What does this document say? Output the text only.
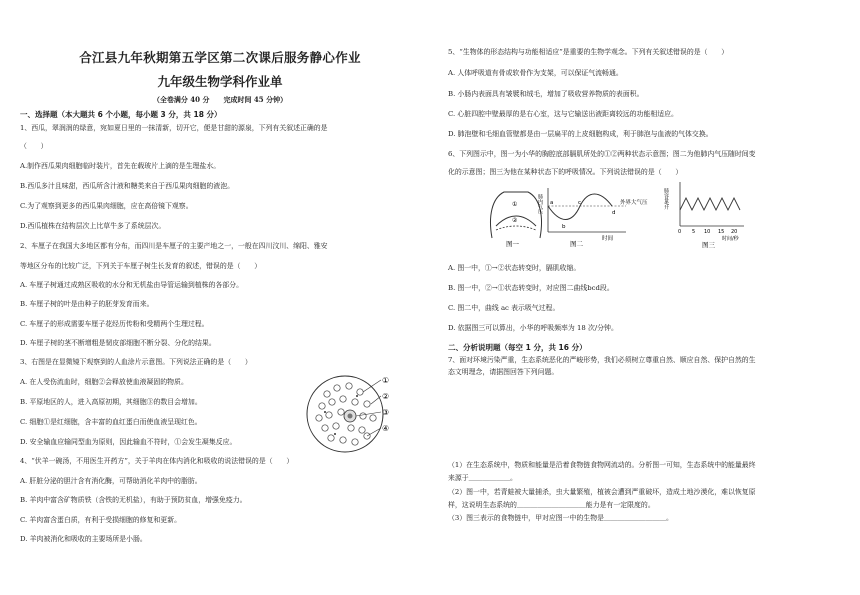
合江县九年秋期第五学区第二次课后服务静心作业
九年级生物学科作业单
（全卷满分 40 分　　完成时间 45 分钟）
一、选择题（本大题共 6 个小题，每小题 3 分，共 18 分）
1、西瓜，翠润润的绿意，宛如夏日里的一抹清新，切开它，便是甘甜的源泉，下列有关叙述正确的是
（　　）
A.制作西瓜果肉细胞临时装片，首先在载玻片上滴的是生理盐水。
B.西瓜多汁且味甜，西瓜所含汁液和糖类来自于西瓜果肉细胞的液泡。
C.为了观察到更多的西瓜果肉细胞，应在高倍镜下观察。
D.西瓜植株在结构层次上比草牛多了系统层次。
2、车厘子在我国大多地区都有分布，而四川是车厘子的主要产地之一，一般在四川汶川、绵阳、雅安
等地区分布的比较广泛，下列关于车厘子树生长发育的叙述，错误的是（　　）
A. 车厘子树通过成熟区吸收的水分和无机盐由导管运输到植株的各部分。
B. 车厘子树的叶是由种子的胚芽发育而来。
C. 车厘子的形成需要车厘子花经历传粉和受精两个生理过程。
D. 车厘子树的茎不断增粗是韧皮部细胞不断分裂、分化的结果。
3、右图是在显微镜下观察到的人血涂片示意图。下列说法正确的是（　　）
A. 在人受伤流血时，细胞②会释放使血液凝固的物质。
B. 平原地区的人，进入高原初期，其细胞③的数目会增加。
C. 细胞①是红细胞，含丰富的血红蛋白而使血液呈现红色。
D. 安全输血应输同型血为原则，因此输血不符时，①会发生凝集反应。
4、“伏羊一碗汤，不用医生开药方”，关于羊肉在体内消化和吸收的说法错误的是（　　）
A. 肝脏分泌的胆汁含有消化酶，可帮助消化羊肉中的脂肪。
B. 羊肉中富含矿物质铁（含铁的无机盐），有助于预防贫血，增强免疫力。
C. 羊肉富含蛋白质，有利于受损细胞的修复和更新。
D. 羊肉被消化和吸收的主要场所是小肠。
①
②
③
④
5、“生物体的形态结构与功能相适应”是重要的生物学观念。下列有关叙述错误的是（　　）
A. 人体呼吸道有骨或软骨作为支架，可以保证气流畅通。
B. 小肠内表面具有皱襞和绒毛，增加了吸收营养物质的表面积。
C. 心脏四腔中壁最厚的是右心室，这与它输送出液距离较远的功能相适应。
D. 肺泡壁和毛细血管壁都是由一层扁平的上皮细胞构成，利于肺泡与血液的气体交换。
6、下列图示中，图一为小华的胸腔底部膈肌所处的①②两种状态示意图；图二为他肺内气压随时间变
化的示意图；图三为他在某种状态下的呼吸情况。下列说法错误的是（　　）
A. 图一中，①→②状态转变时，膈肌收缩。
B. 图一中，②→①状态转变时，对应图二曲线bcd段。
C. 图二中，曲线 ac 表示吸气过程。
D. 依据图三可以算出，小华的呼吸频率为 18 次/分钟。
二、分析说明题（每空 1 分，共 16 分）
7、面对环境污染严重，生态系统恶化的严峻形势，我们必须树立尊重自然、顺应自然、保护自然的生
态文明理念，请据图回答下列问题。
（1）在生态系统中，物质和能量是沿着食物链食物网流动的。分析图一可知，生态系统中的能量最终
来源于＿＿＿＿＿＿。
（2）图一中，若青蛙被大量捕杀，虫大量繁殖，植被会遭到严重破坏，造成土地沙漠化，难以恢复原
样，这说明生态系统的＿＿＿＿＿＿＿＿＿＿能力是有一定限度的。
（3）图三表示的食物链中，甲对应图一中的生物是＿＿＿＿＿＿＿＿＿。
①
②
图一
肺内气压	外界大气压
a
b
c
d
时间
图二
肺容量/升
0 5 10 15 20
时间/秒
图三
